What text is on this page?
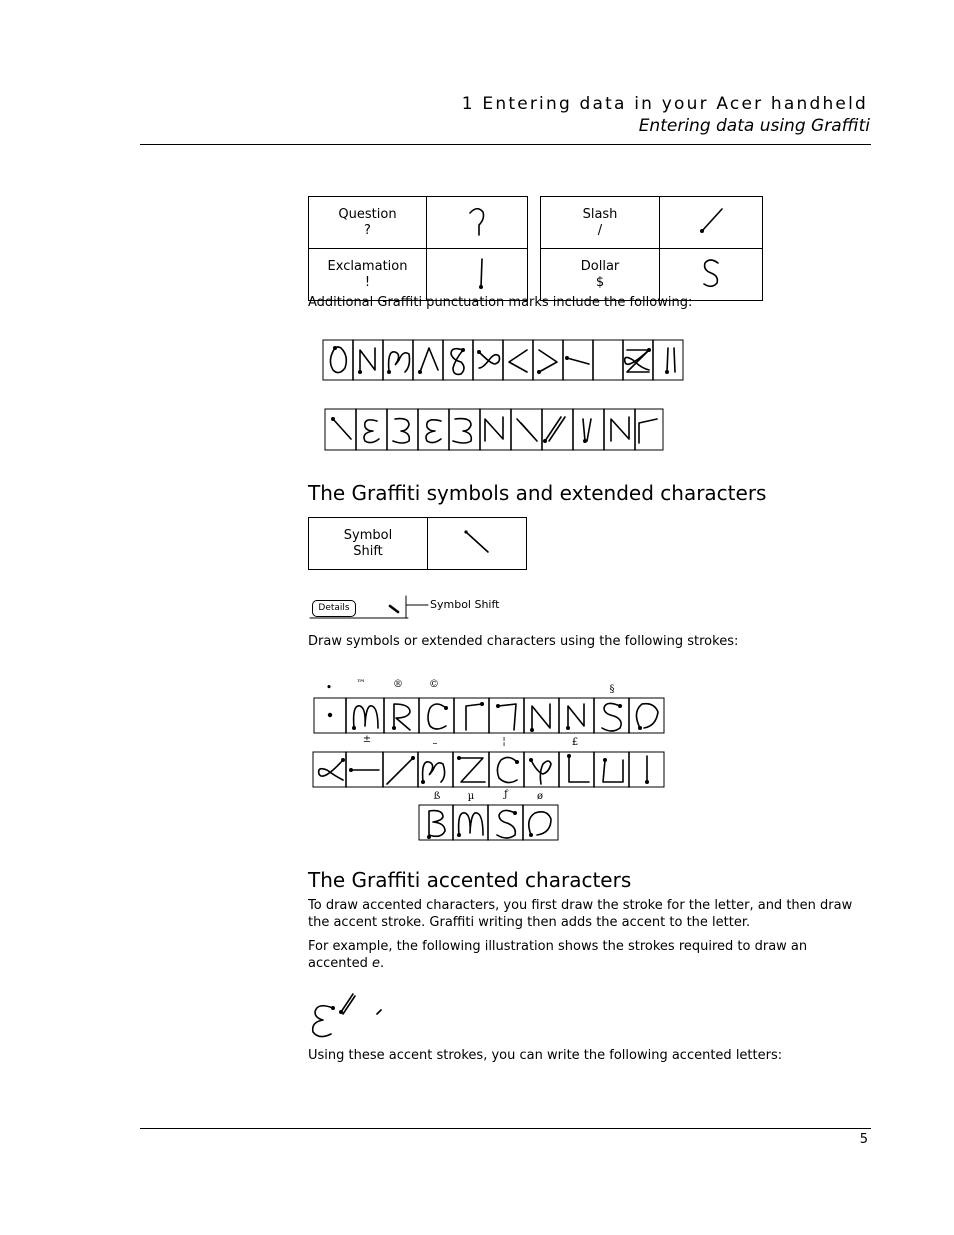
1 Entering data in your Acer handheld
Entering data using Graffiti
Question
?

Exclamation
!

Slash
/

Dollar
$

Additional Graffiti punctuation marks include the following:
The Graffiti symbols and extended characters
Symbol
Shift	
Details	Symbol Shift
Draw symbols or extended characters using the following strokes:
•	™	®	©	§
±	–	¦	£
ß	µ	ƒ	ø
The Graffiti accented characters
To draw accented characters, you first draw the stroke for the letter, and then draw the accent stroke. Graffiti writing then adds the accent to the letter.
For example, the following illustration shows the strokes required to draw an accented e.
Using these accent strokes, you can write the following accented letters:
5
